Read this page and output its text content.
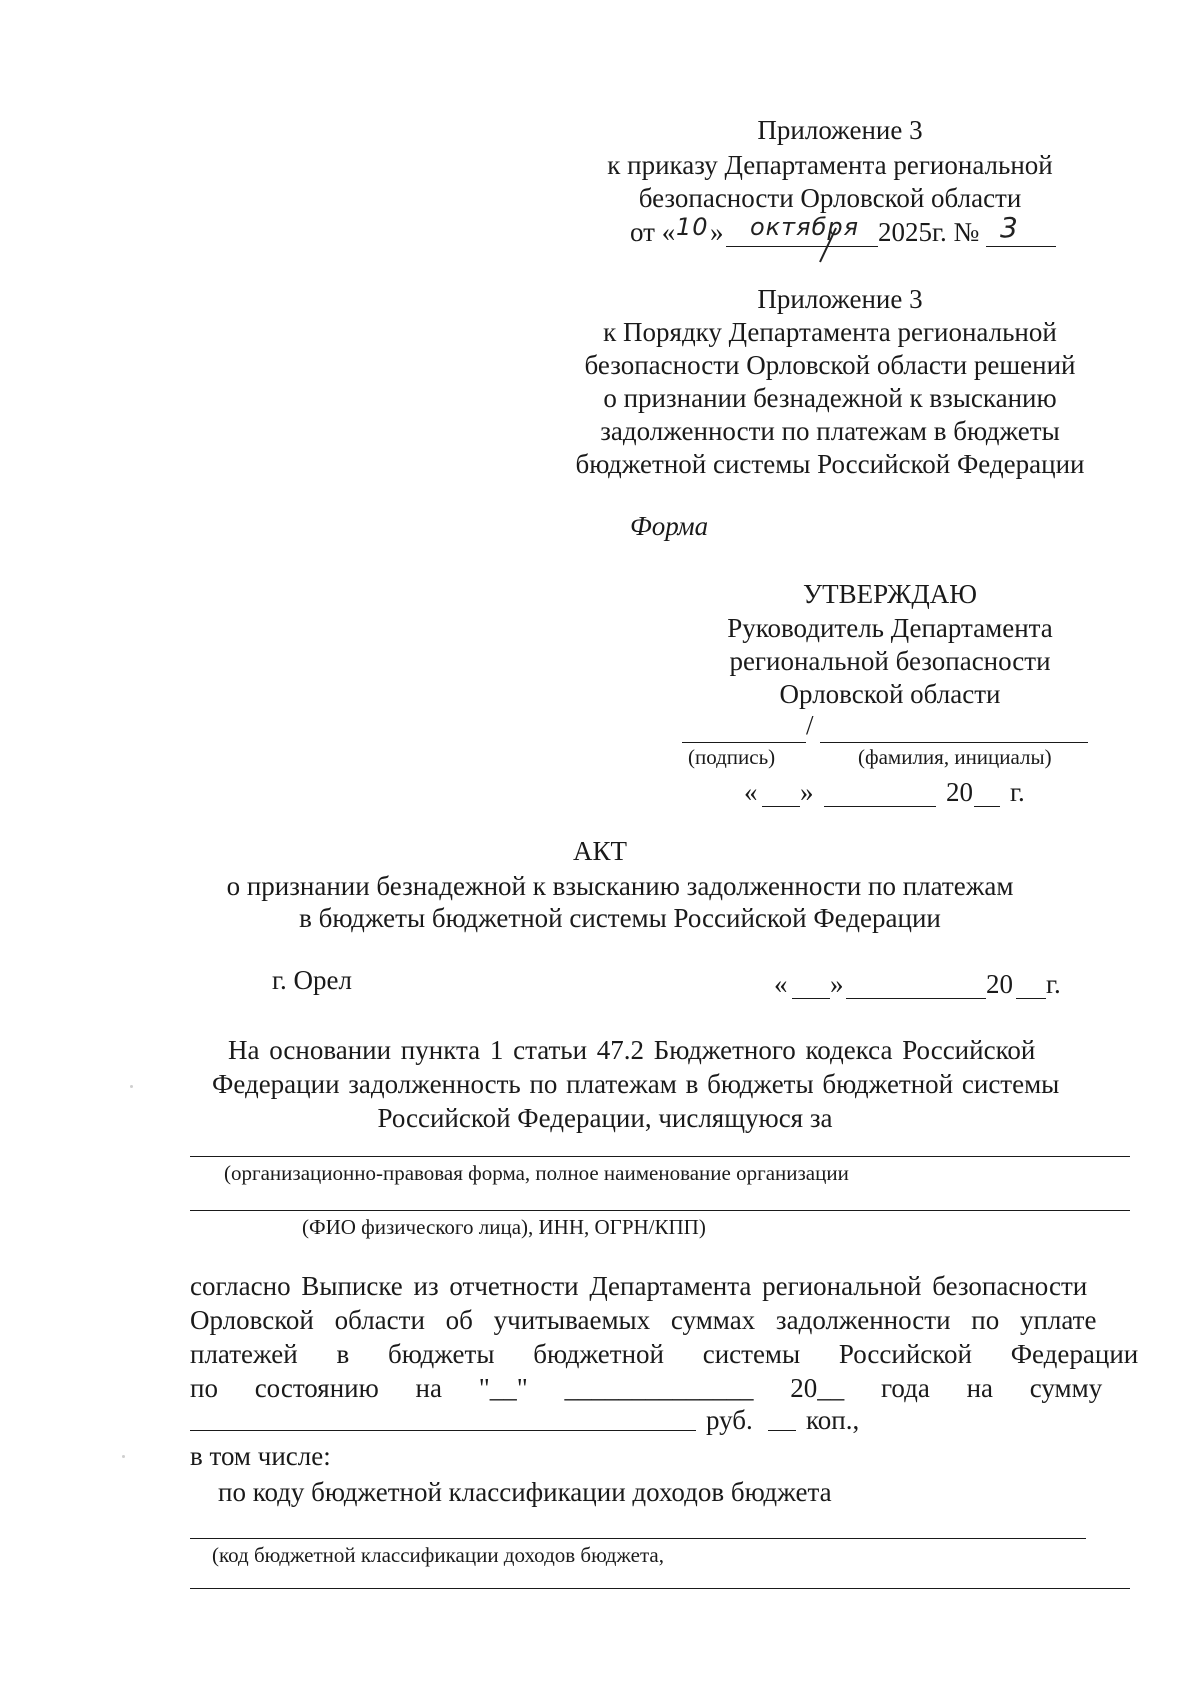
Приложение 3
к приказу Департамента региональной
безопасности Орловской области
от « 10 » октября 2025г. № 3
Приложение 3
к Порядку Департамента региональной
безопасности Орловской области решений
о признании безнадежной к взысканию
задолженности по платежам в бюджеты
бюджетной системы Российской Федерации
Форма
УТВЕРЖДАЮ
Руководитель Департамента
региональной безопасности
Орловской области
/
(подпись)	(фамилия, инициалы)
« »	20 г.
АКТ
о признании безнадежной к взысканию задолженности по платежам
в бюджеты бюджетной системы Российской Федерации
г. Орел	« »	20 г.
На основании пункта 1 статьи 47.2 Бюджетного кодекса Российской
Федерации задолженность по платежам в бюджеты бюджетной системы
Российской Федерации, числящуюся за
(организационно-правовая форма, полное наименование организации
(ФИО физического лица), ИНН, ОГРН/КПП)
согласно Выписке из отчетности Департамента региональной безопасности
Орловской области об учитываемых суммах задолженности по уплате
платежей в бюджеты бюджетной системы Российской Федерации
по состоянию на "__" ______________ 20__ года на сумму
руб. коп.,
в том числе:
по коду бюджетной классификации доходов бюджета
(код бюджетной классификации доходов бюджета,
